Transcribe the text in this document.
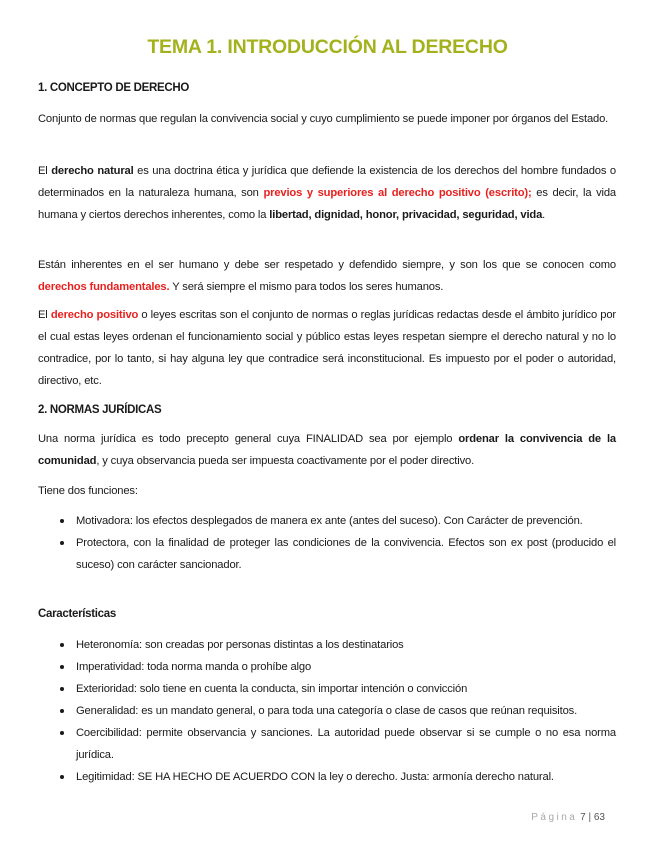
TEMA 1. INTRODUCCIÓN AL DERECHO
1. CONCEPTO DE DERECHO

Conjunto de normas que regulan la convivencia social y cuyo cumplimiento se puede imponer por órganos del Estado.

El derecho natural es una doctrina ética y jurídica que defiende la existencia de los derechos del hombre fundados o determinados en la naturaleza humana, son previos y superiores al derecho positivo (escrito); es decir, la vida humana y ciertos derechos inherentes, como la libertad, dignidad, honor, privacidad, seguridad, vida.

Están inherentes en el ser humano y debe ser respetado y defendido siempre, y son los que se conocen como derechos fundamentales. Y será siempre el mismo para todos los seres humanos.

El derecho positivo o leyes escritas son el conjunto de normas o reglas jurídicas redactas desde el ámbito jurídico por el cual estas leyes ordenan el funcionamiento social y público estas leyes respetan siempre el derecho natural y no lo contradice, por lo tanto, si hay alguna ley que contradice será inconstitucional. Es impuesto por el poder o autoridad, directivo, etc.

2. NORMAS JURÍDICAS

Una norma jurídica es todo precepto general cuya FINALIDAD sea por ejemplo ordenar la convivencia de la comunidad, y cuya observancia pueda ser impuesta coactivamente por el poder directivo.

Tiene dos funciones:

Motivadora: los efectos desplegados de manera ex ante (antes del suceso). Con Carácter de prevención.
Protectora, con la finalidad de proteger las condiciones de la convivencia. Efectos son ex post (producido el suceso) con carácter sancionador.
Características
Heteronomía: son creadas por personas distintas a los destinatarios
Imperatividad: toda norma manda o prohíbe algo
Exterioridad: solo tiene en cuenta la conducta, sin importar intención o convicción
Generalidad: es un mandato general, o para toda una categoría o clase de casos que reúnan requisitos.
Coercibilidad: permite observancia y sanciones. La autoridad puede observar si se cumple o no esa norma jurídica.
Legitimidad: SE HA HECHO DE ACUERDO CON la ley o derecho. Justa: armonía derecho natural.
Página 7 | 63
